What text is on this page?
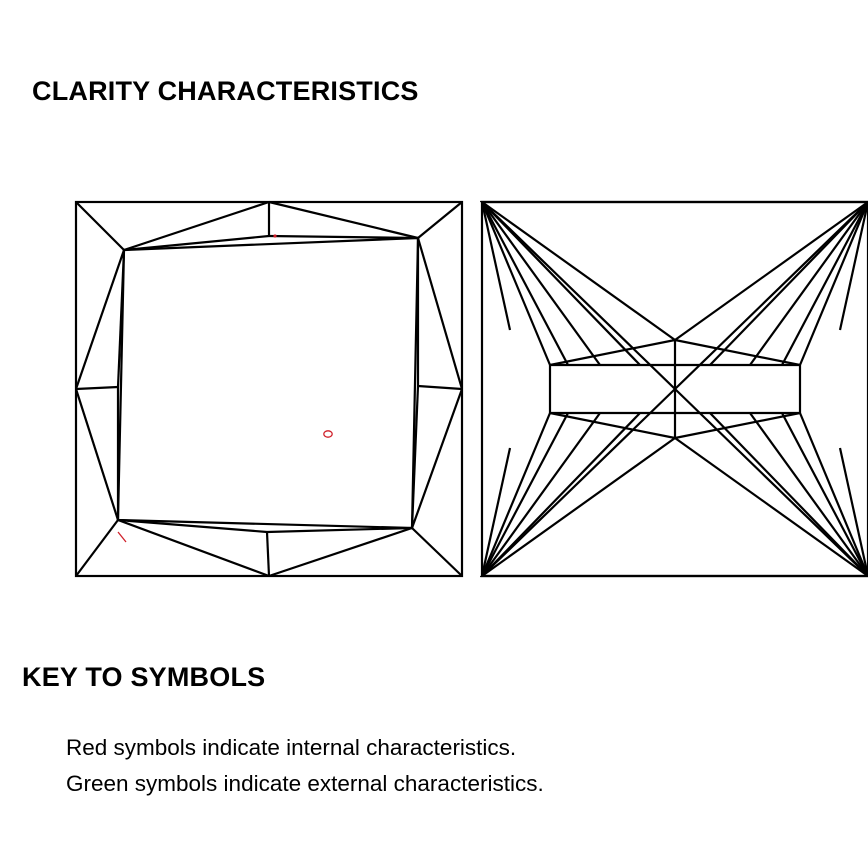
CLARITY CHARACTERISTICS
KEY TO SYMBOLS
Red symbols indicate internal characteristics.
Green symbols indicate external characteristics.
